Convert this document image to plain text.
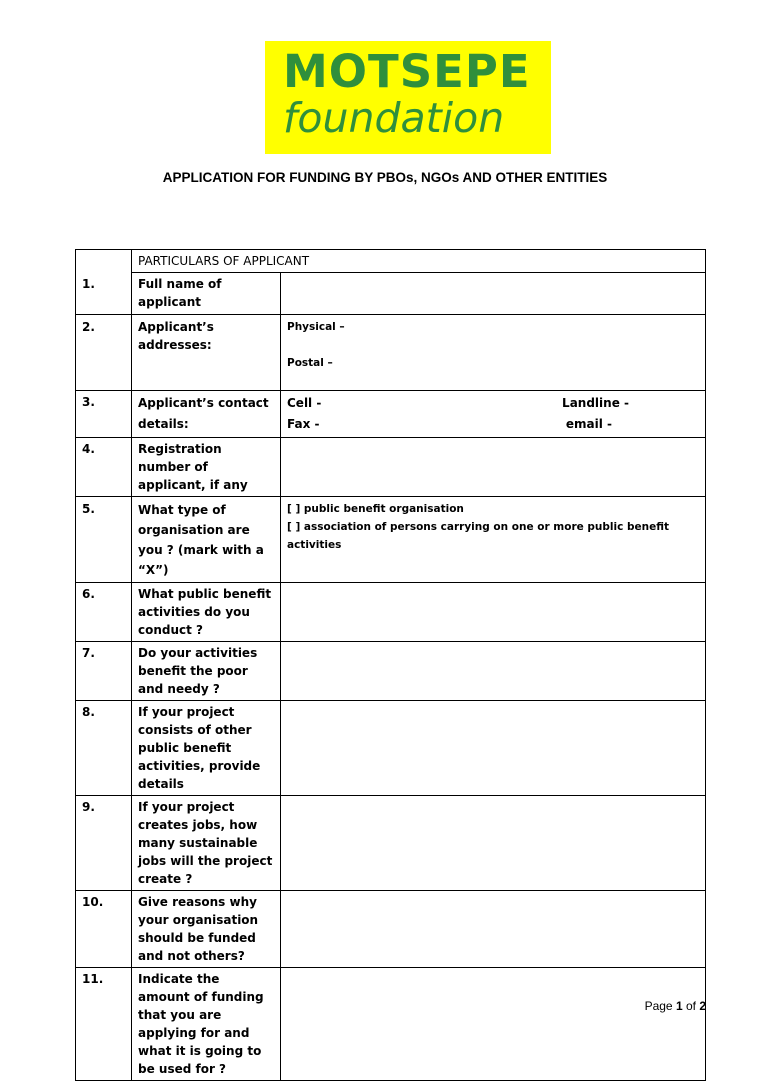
MOTSEPE
foundation
APPLICATION FOR FUNDING BY PBOs, NGOs AND OTHER ENTITIES
	PARTICULARS OF APPLICANT	
1.	Full name of applicant	
2.	Applicant’s addresses:	Physical –
Postal –

3.	Applicant’s contact details:	Cell - Landline -
Fax - email -

4.	Registration number of applicant, if any	
5.	What type of organisation are you ? (mark with a “X”)	[ ] public benefit organisation
[ ] association of persons carrying on one or more public benefit activities

6.	What public benefit activities do you conduct ?	
7.	Do your activities benefit the poor and needy ?	
8.	If your project consists of other public benefit activities, provide details	
9.	If your project creates jobs, how many sustainable jobs will the project create ?	
10.	Give reasons why your organisation should be funded and not others?	
11.	Indicate the amount of funding that you are applying for and what it is going to be used for ?	
Page 1 of 2
